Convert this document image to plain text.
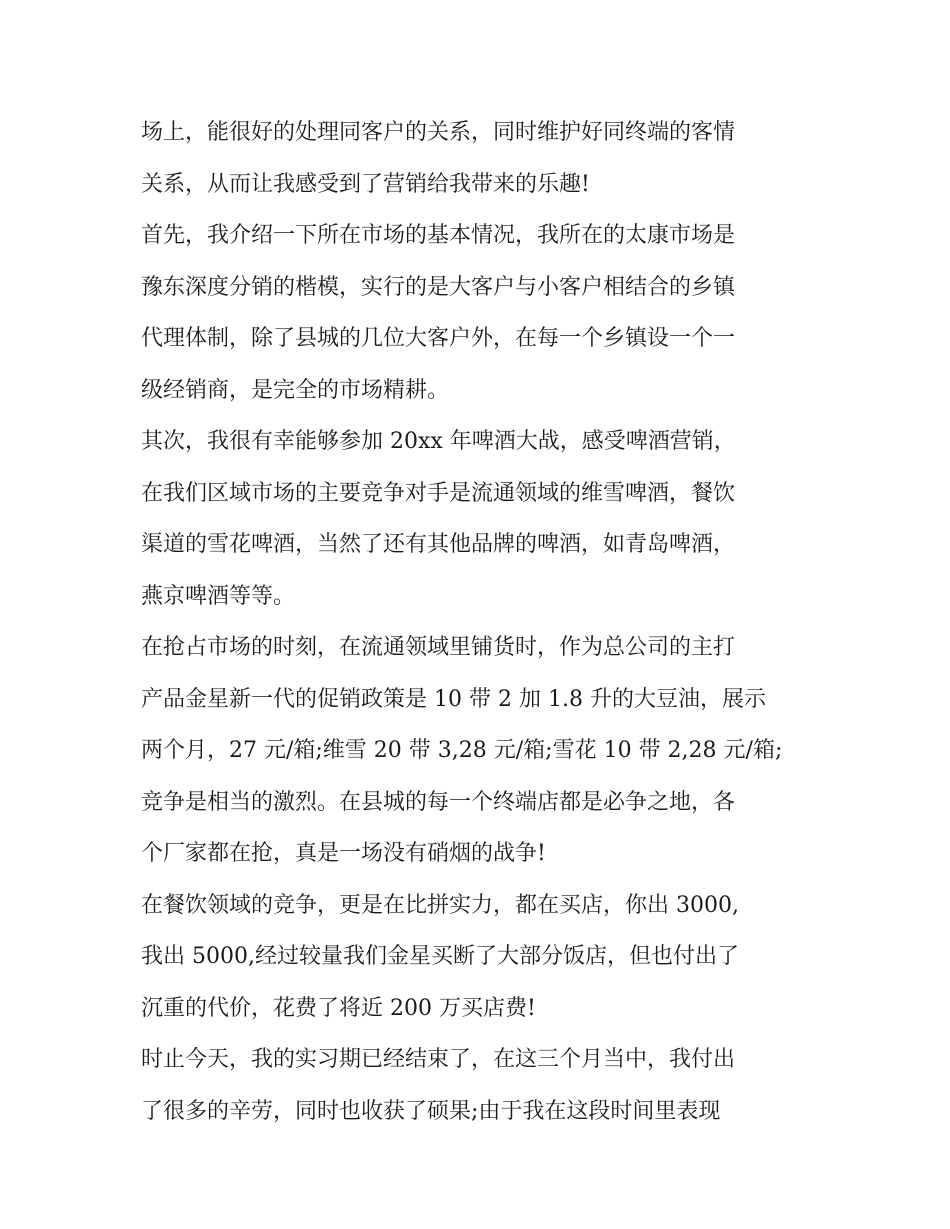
场上，能很好的处理同客户的关系，同时维护好同终端的客情
关系，从而让我感受到了营销给我带来的乐趣!
首先，我介绍一下所在市场的基本情况，我所在的太康市场是
豫东深度分销的楷模，实行的是大客户与小客户相结合的乡镇
代理体制，除了县城的几位大客户外，在每一个乡镇设一个一
级经销商，是完全的市场精耕。
其次，我很有幸能够参加 20xx 年啤酒大战，感受啤酒营销，
在我们区域市场的主要竞争对手是流通领域的维雪啤酒，餐饮
渠道的雪花啤酒，当然了还有其他品牌的啤酒，如青岛啤酒，
燕京啤酒等等。
在抢占市场的时刻，在流通领域里铺货时，作为总公司的主打
产品金星新一代的促销政策是 10 带 2 加 1.8 升的大豆油，展示
两个月，27 元/箱;维雪 20 带 3,28 元/箱;雪花 10 带 2,28 元/箱;
竞争是相当的激烈。在县城的每一个终端店都是必争之地，各
个厂家都在抢，真是一场没有硝烟的战争!
在餐饮领域的竞争，更是在比拼实力，都在买店，你出 3000,
我出 5000,经过较量我们金星买断了大部分饭店，但也付出了
沉重的代价，花费了将近 200 万买店费!
时止今天，我的实习期已经结束了，在这三个月当中，我付出
了很多的辛劳，同时也收获了硕果;由于我在这段时间里表现
